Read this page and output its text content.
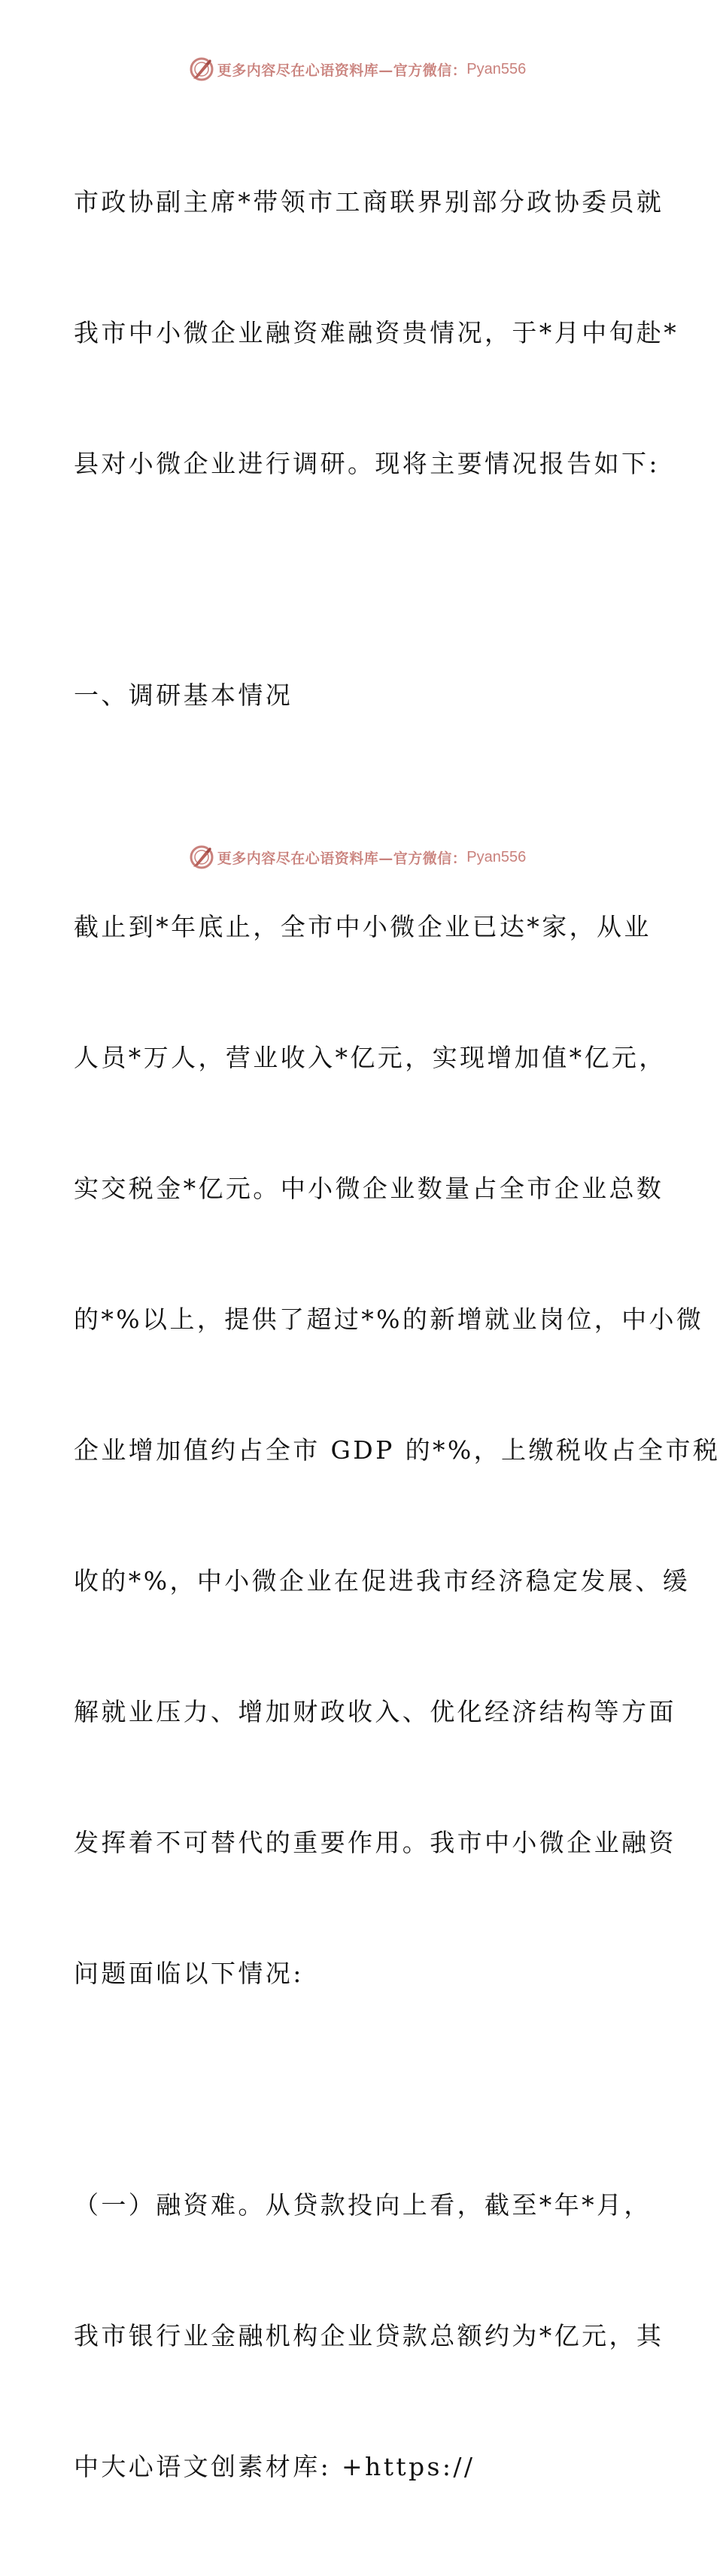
更多内容尽在心语资料库—官方微信： Pyan556

市政协副主席*带领市工商联界别部分政协委员就

我市中小微企业融资难融资贵情况，于*月中旬赴*

县对小微企业进行调研。现将主要情况报告如下:

一、调研基本情况

截止到*年底止，全市中小微企业已达*家，从业

人员*万人，营业收入*亿元，实现增加值*亿元，

实交税金*亿元。中小微企业数量占全市企业总数

的*%以上，提供了超过*%的新增就业岗位，中小微

企业增加值约占全市 GDP 的*%，上缴税收占全市税

收的*%，中小微企业在促进我市经济稳定发展、缓

解就业压力、增加财政收入、优化经济结构等方面

发挥着不可替代的重要作用。我市中小微企业融资

问题面临以下情况:

（一）融资难。从贷款投向上看，截至*年*月，

我市银行业金融机构企业贷款总额约为*亿元，其

中大心语文创素材库: +https://

更多内容尽在心语资料库—官方微信： Pyan556
